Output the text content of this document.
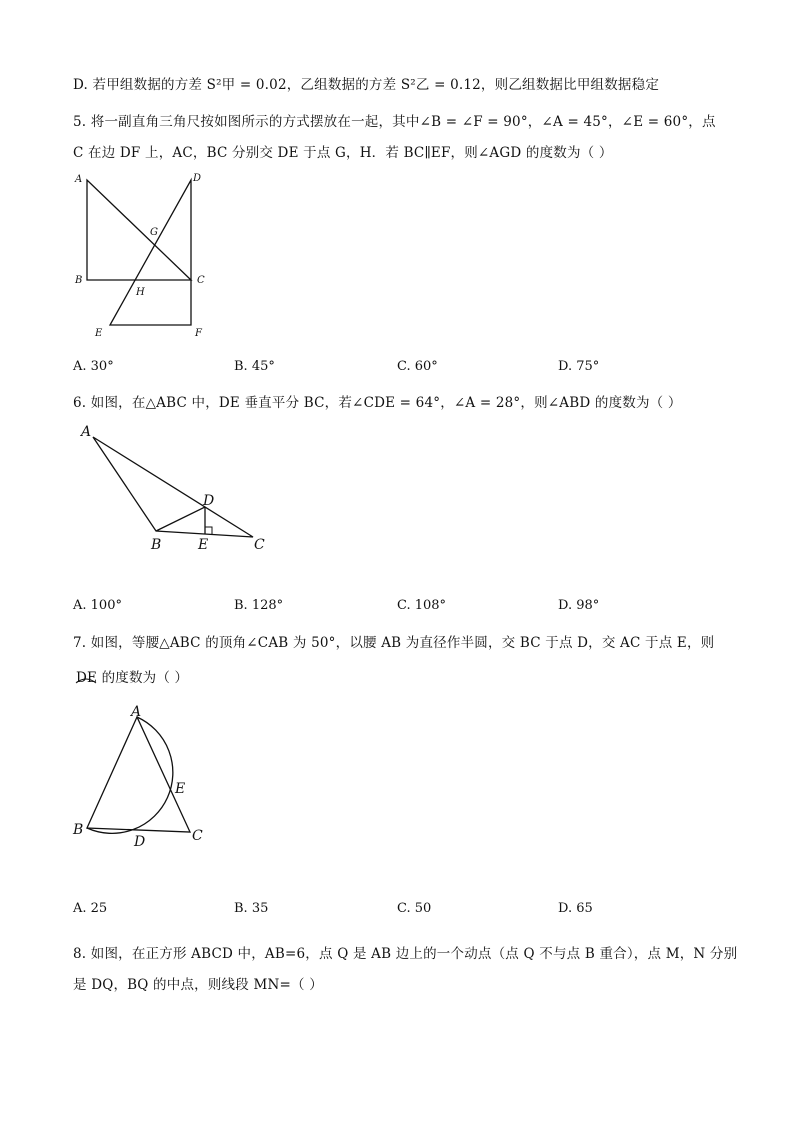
D. 若甲组数据的方差 S²甲 = 0.02，乙组数据的方差 S²乙 = 0.12，则乙组数据比甲组数据稳定
5. 将一副直角三角尺按如图所示的方式摆放在一起，其中∠B = ∠F = 90°，∠A = 45°，∠E = 60°，点
C 在边 DF 上，AC，BC 分别交 DE 于点 G，H．若 BC∥EF，则∠AGD 的度数为（ ）
A
B	C
D
E	F
G
H
A. 30°	B. 45°	C. 60°	D. 75°
6. 如图，在△ABC 中，DE 垂直平分 BC，若∠CDE = 64°，∠A = 28°，则∠ABD 的度数为（ ）
A
B	C
D
E
A. 100°	B. 128°	C. 108°	D. 98°
7. 如图，等腰△ABC 的顶角∠CAB 为 50°，以腰 AB 为直径作半圆，交 BC 于点 D，交 AC 于点 E，则
DE 的度数为（ ）
A
B	C
D
E
A. 25	B. 35	C. 50	D. 65
8. 如图，在正方形 ABCD 中，AB=6，点 Q 是 AB 边上的一个动点（点 Q 不与点 B 重合），点 M，N 分别
是 DQ，BQ 的中点，则线段 MN=（ ）
